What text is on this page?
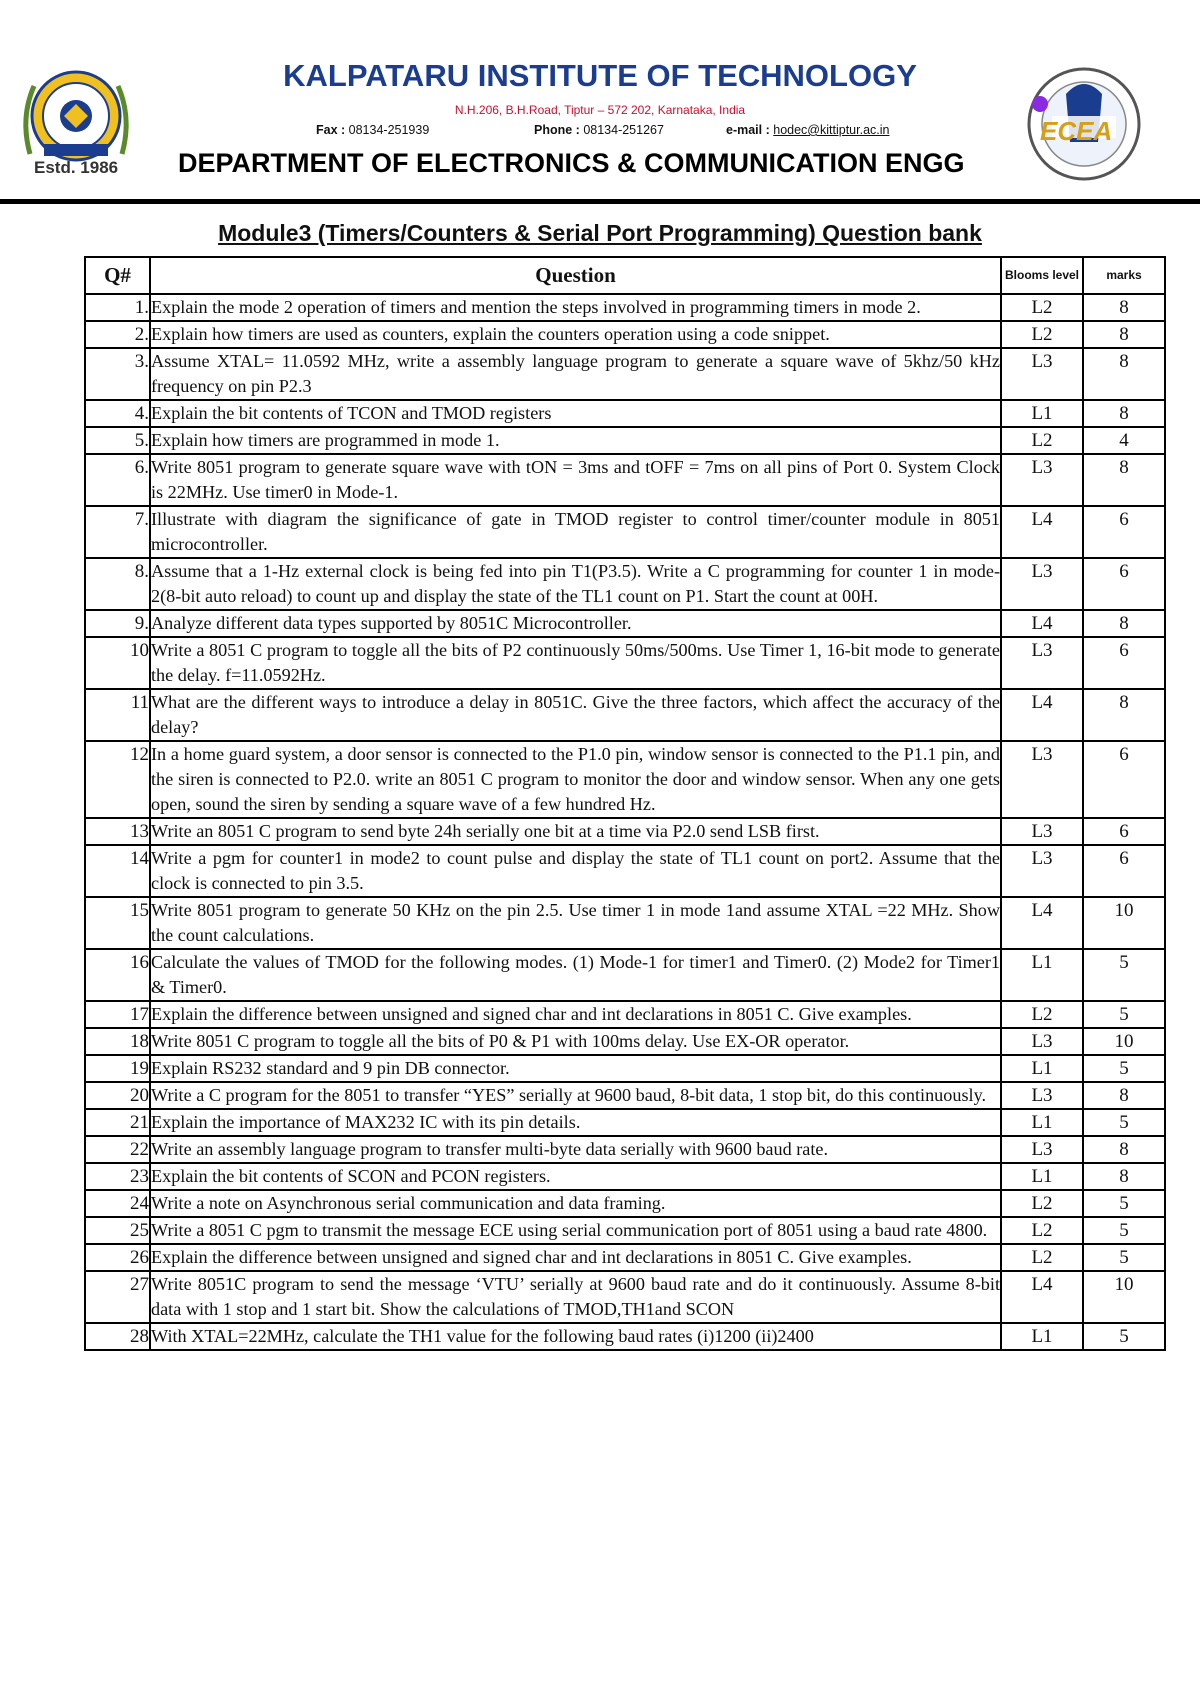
Estd. 1986
KALPATARU INSTITUTE OF TECHNOLOGY
N.H.206, B.H.Road, Tiptur – 572 202, Karnataka, India
Fax : 08134-251939	Phone : 08134-251267	e-mail : hodec@kittiptur.ac.in
DEPARTMENT OF ELECTRONICS & COMMUNICATION ENGG
ECEA
Module3 (Timers/Counters & Serial Port Programming) Question bank
Q#	Question	Blooms level	marks
1.	Explain the mode 2 operation of timers and mention the steps involved in programming timers in mode 2.	L2	8
2.	Explain how timers are used as counters, explain the counters operation using a code snippet.	L2	8
3.	Assume XTAL= 11.0592 MHz, write a assembly language program to generate a square wave of 5khz/50 kHz frequency on pin P2.3	L3	8
4.	Explain the bit contents of TCON and TMOD registers	L1	8
5.	Explain how timers are programmed in mode 1.	L2	4
6.	Write 8051 program to generate square wave with tON = 3ms and tOFF = 7ms on all pins of Port 0. System Clock is 22MHz. Use timer0 in Mode-1.	L3	8
7.	Illustrate with diagram the significance of gate in TMOD register to control timer/counter module in 8051 microcontroller.	L4	6
8.	Assume that a 1-Hz external clock is being fed into pin T1(P3.5). Write a C programming for counter 1 in mode-2(8-bit auto reload) to count up and display the state of the TL1 count on P1. Start the count at 00H.	L3	6
9.	Analyze different data types supported by 8051C Microcontroller.	L4	8
10	Write a 8051 C program to toggle all the bits of P2 continuously 50ms/500ms. Use Timer 1, 16-bit mode to generate the delay. f=11.0592Hz.	L3	6
11	What are the different ways to introduce a delay in 8051C. Give the three factors, which affect the accuracy of the delay?	L4	8
12	In a home guard system, a door sensor is connected to the P1.0 pin, window sensor is connected to the P1.1 pin, and the siren is connected to P2.0. write an 8051 C program to monitor the door and window sensor. When any one gets open, sound the siren by sending a square wave of a few hundred Hz.	L3	6
13	Write an 8051 C program to send byte 24h serially one bit at a time via P2.0 send LSB first.	L3	6
14	Write a pgm for counter1 in mode2 to count pulse and display the state of TL1 count on port2. Assume that the clock is connected to pin 3.5.	L3	6
15	Write 8051 program to generate 50 KHz on the pin 2.5. Use timer 1 in mode 1and assume XTAL =22 MHz. Show the count calculations.	L4	10
16	Calculate the values of TMOD for the following modes. (1) Mode-1 for timer1 and Timer0. (2) Mode2 for Timer1 & Timer0.	L1	5
17	Explain the difference between unsigned and signed char and int declarations in 8051 C. Give examples.	L2	5
18	Write 8051 C program to toggle all the bits of P0 & P1 with 100ms delay. Use EX-OR operator.	L3	10
19	Explain RS232 standard and 9 pin DB connector.	L1	5
20	Write a C program for the 8051 to transfer “YES” serially at 9600 baud, 8-bit data, 1 stop bit, do this continuously.	L3	8
21	Explain the importance of MAX232 IC with its pin details.	L1	5
22	Write an assembly language program to transfer multi-byte data serially with 9600 baud rate.	L3	8
23	Explain the bit contents of SCON and PCON registers.	L1	8
24	Write a note on Asynchronous serial communication and data framing.	L2	5
25	Write a 8051 C pgm to transmit the message ECE using serial communication port of 8051 using a baud rate 4800.	L2	5
26	Explain the difference between unsigned and signed char and int declarations in 8051 C. Give examples.	L2	5
27	Write 8051C program to send the message ‘VTU’ serially at 9600 baud rate and do it continuously. Assume 8-bit data with 1 stop and 1 start bit. Show the calculations of TMOD,TH1and SCON	L4	10
28	With XTAL=22MHz, calculate the TH1 value for the following baud rates (i)1200 (ii)2400	L1	5
